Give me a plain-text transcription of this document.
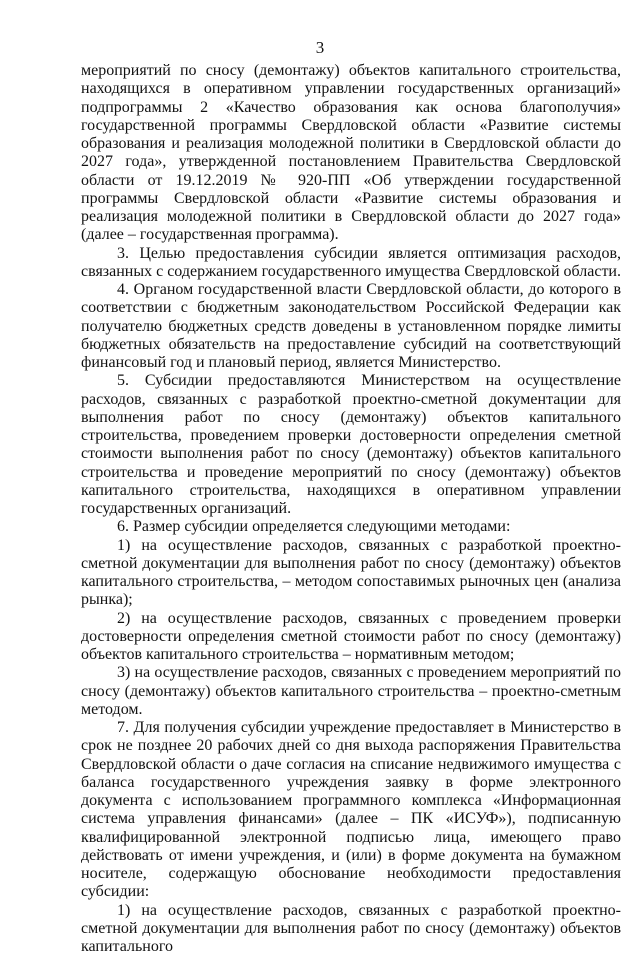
3

мероприятий по сносу (демонтажу) объектов капитального строительства, находящихся в оперативном управлении государственных организаций» подпрограммы 2 «Качество образования как основа благополучия» государственной программы Свердловской области «Развитие системы образования и реализация молодежной политики в Свердловской области до 2027 года», утвержденной постановлением Правительства Свердловской области от 19.12.2019 № 920-ПП «Об утверждении государственной программы Свердловской области «Развитие системы образования и реализация молодежной политики в Свердловской области до 2027 года» (далее – государственная программа).

3. Целью предоставления субсидии является оптимизация расходов, связанных с содержанием государственного имущества Свердловской области.

4. Органом государственной власти Свердловской области, до которого в соответствии с бюджетным законодательством Российской Федерации как получателю бюджетных средств доведены в установленном порядке лимиты бюджетных обязательств на предоставление субсидий на соответствующий финансовый год и плановый период, является Министерство.

5. Субсидии предоставляются Министерством на осуществление расходов, связанных с разработкой проектно-сметной документации для выполнения работ по сносу (демонтажу) объектов капитального строительства, проведением проверки достоверности определения сметной стоимости выполнения работ по сносу (демонтажу) объектов капитального строительства и проведение мероприятий по сносу (демонтажу) объектов капитального строительства, находящихся в оперативном управлении государственных организаций.

6. Размер субсидии определяется следующими методами:

1) на осуществление расходов, связанных с разработкой проектно-сметной документации для выполнения работ по сносу (демонтажу) объектов капитального строительства, – методом сопоставимых рыночных цен (анализа рынка);

2) на осуществление расходов, связанных с проведением проверки достоверности определения сметной стоимости работ по сносу (демонтажу) объектов капитального строительства – нормативным методом;

3) на осуществление расходов, связанных с проведением мероприятий по сносу (демонтажу) объектов капитального строительства – проектно-сметным методом.

7. Для получения субсидии учреждение предоставляет в Министерство в срок не позднее 20 рабочих дней со дня выхода распоряжения Правительства Свердловской области о даче согласия на списание недвижимого имущества с баланса государственного учреждения заявку в форме электронного документа с использованием программного комплекса «Информационная система управления финансами» (далее – ПК «ИСУФ»), подписанную квалифицированной электронной подписью лица, имеющего право действовать от имени учреждения, и (или) в форме документа на бумажном носителе, содержащую обоснование необходимости предоставления субсидии:

1) на осуществление расходов, связанных с разработкой проектно-сметной документации для выполнения работ по сносу (демонтажу) объектов капитального
